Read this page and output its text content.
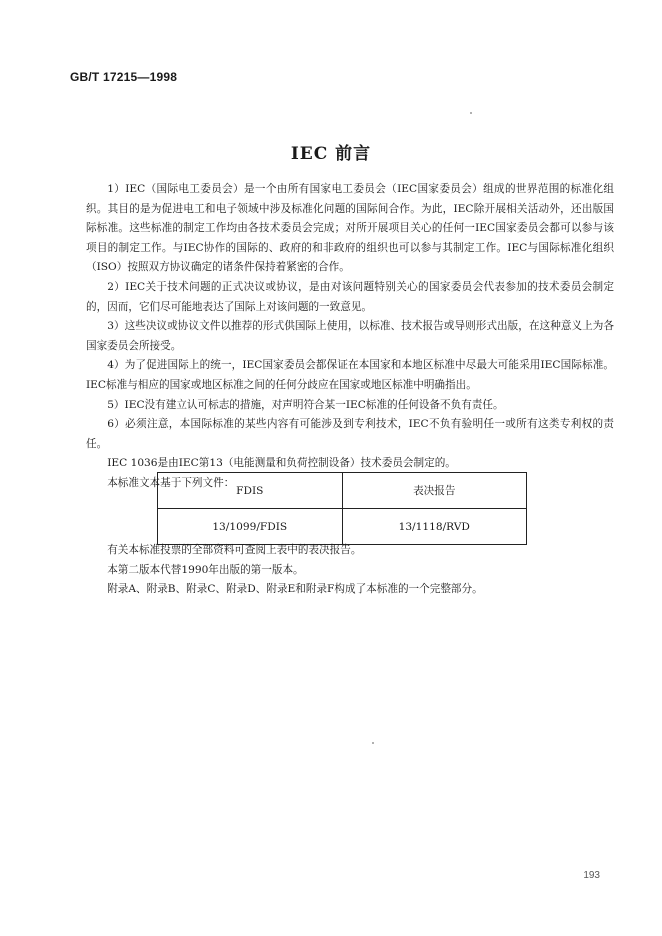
GB/T 17215—1998
IEC 前言

1）IEC（国际电工委员会）是一个由所有国家电工委员会（IEC国家委员会）组成的世界范围的标准化组织。其目的是为促进电工和电子领域中涉及标准化问题的国际间合作。为此，IEC除开展相关活动外，还出版国际标准。这些标准的制定工作均由各技术委员会完成；对所开展项目关心的任何一IEC国家委员会都可以参与该项目的制定工作。与IEC协作的国际的、政府的和非政府的组织也可以参与其制定工作。IEC与国际标准化组织（ISO）按照双方协议确定的诸条件保持着紧密的合作。

2）IEC关于技术问题的正式决议或协议，是由对该问题特别关心的国家委员会代表参加的技术委员会制定的，因而，它们尽可能地表达了国际上对该问题的一致意见。

3）这些决议或协议文件以推荐的形式供国际上使用，以标准、技术报告或导则形式出版，在这种意义上为各国家委员会所接受。

4）为了促进国际上的统一，IEC国家委员会都保证在本国家和本地区标准中尽最大可能采用IEC国际标准。IEC标准与相应的国家或地区标准之间的任何分歧应在国家或地区标准中明确指出。

5）IEC没有建立认可标志的措施，对声明符合某一IEC标准的任何设备不负有责任。

6）必须注意，本国际标准的某些内容有可能涉及到专利技术，IEC不负有验明任一或所有这类专利权的责任。

IEC 1036是由IEC第13（电能测量和负荷控制设备）技术委员会制定的。

本标准文本基于下列文件：

FDIS	表决报告
13/1099/FDIS	13/1118/RVD

有关本标准投票的全部资料可查阅上表中的表决报告。

本第二版本代替1990年出版的第一版本。

附录A、附录B、附录C、附录D、附录E和附录F构成了本标准的一个完整部分。

193
